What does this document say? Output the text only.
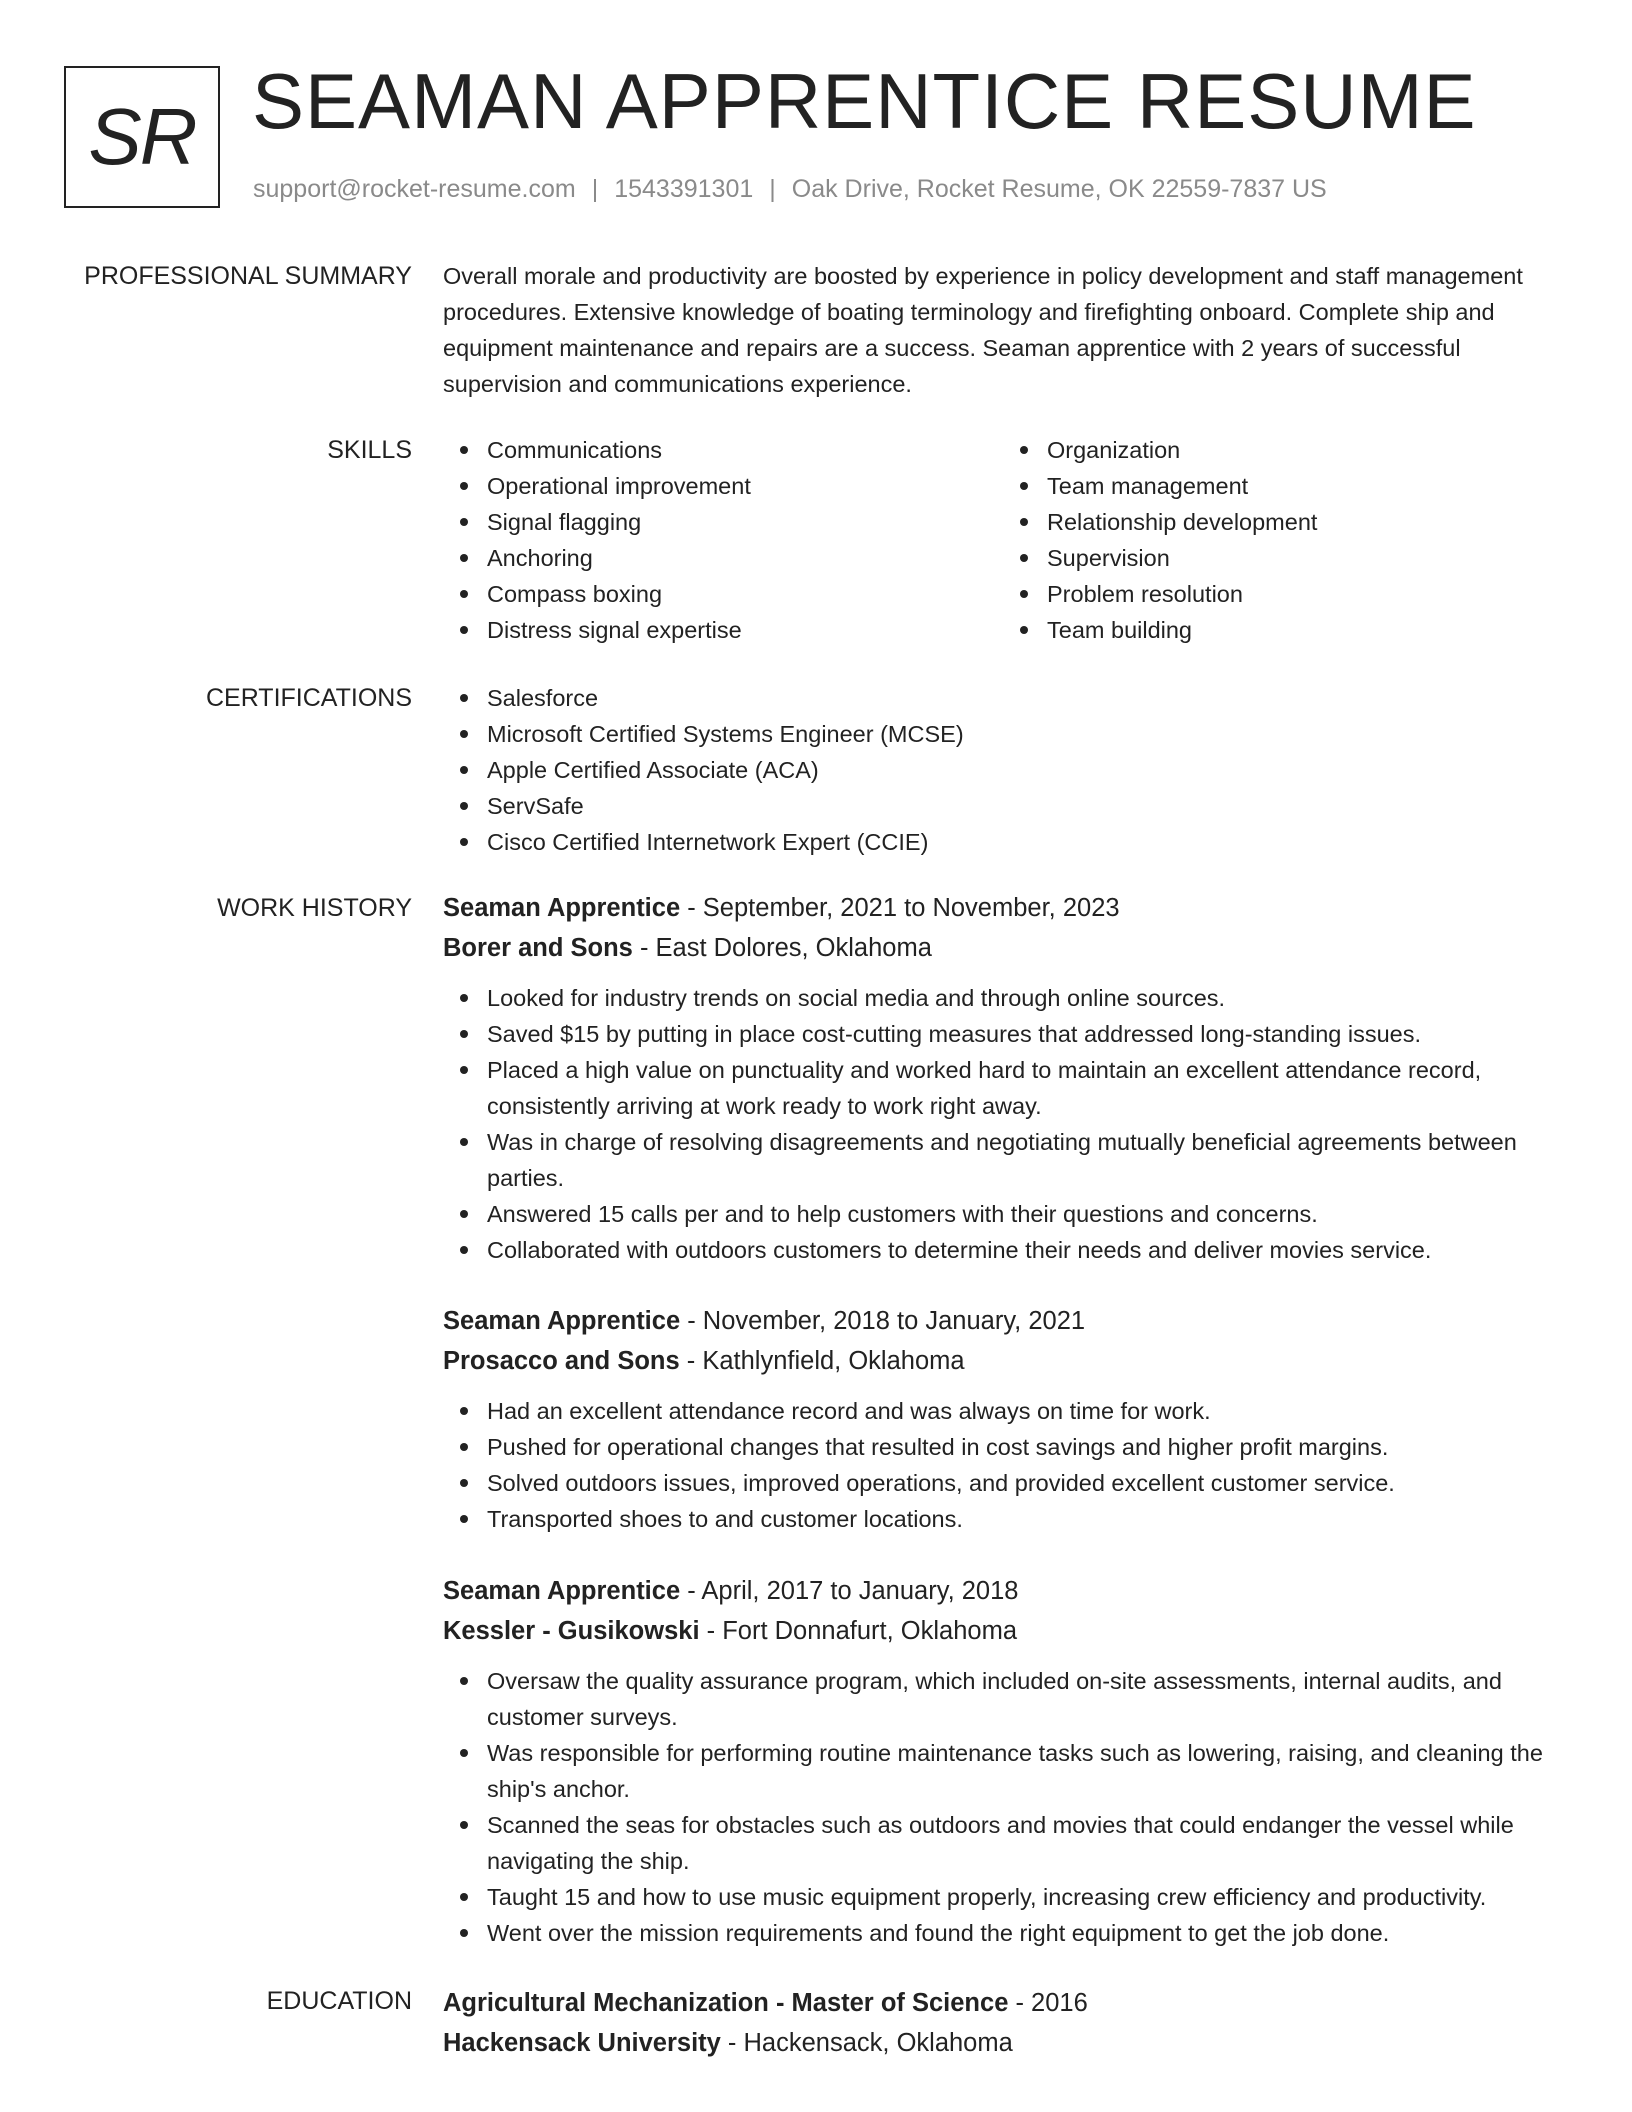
SR SEAMAN APPRENTICE RESUME
support@rocket-resume.com | 1543391301 | Oak Drive, Rocket Resume, OK 22559-7837 US
PROFESSIONAL SUMMARY Overall morale and productivity are boosted by experience in policy development and staff management procedures. Extensive knowledge of boating terminology and firefighting onboard. Complete ship and equipment maintenance and repairs are a success. Seaman apprentice with 2 years of successful supervision and communications experience.

SKILLS	Communications
Operational improvement
Signal flagging
Anchoring
Compass boxing
Distress signal expertise
Organization
Team management
Relationship development
Supervision
Problem resolution
Team building
CERTIFICATIONS	Salesforce
Microsoft Certified Systems Engineer (MCSE)
Apple Certified Associate (ACA)
ServSafe
Cisco Certified Internetwork Expert (CCIE)
WORK HISTORY Seaman Apprentice - September, 2021 to November, 2023
Borer and Sons - East Dolores, Oklahoma
Looked for industry trends on social media and through online sources.
Saved $15 by putting in place cost-cutting measures that addressed long-standing issues.
Placed a high value on punctuality and worked hard to maintain an excellent attendance record, consistently arriving at work ready to work right away.
Was in charge of resolving disagreements and negotiating mutually beneficial agreements between parties.
Answered 15 calls per and to help customers with their questions and concerns.
Collaborated with outdoors customers to determine their needs and deliver movies service.
Seaman Apprentice - November, 2018 to January, 2021
Prosacco and Sons - Kathlynfield, Oklahoma
Had an excellent attendance record and was always on time for work.
Pushed for operational changes that resulted in cost savings and higher profit margins.
Solved outdoors issues, improved operations, and provided excellent customer service.
Transported shoes to and customer locations.
Seaman Apprentice - April, 2017 to January, 2018
Kessler - Gusikowski - Fort Donnafurt, Oklahoma
Oversaw the quality assurance program, which included on-site assessments, internal audits, and customer surveys.
Was responsible for performing routine maintenance tasks such as lowering, raising, and cleaning the ship's anchor.
Scanned the seas for obstacles such as outdoors and movies that could endanger the vessel while navigating the ship.
Taught 15 and how to use music equipment properly, increasing crew efficiency and productivity.
Went over the mission requirements and found the right equipment to get the job done.
EDUCATION Agricultural Mechanization - Master of Science - 2016
Hackensack University - Hackensack, Oklahoma
